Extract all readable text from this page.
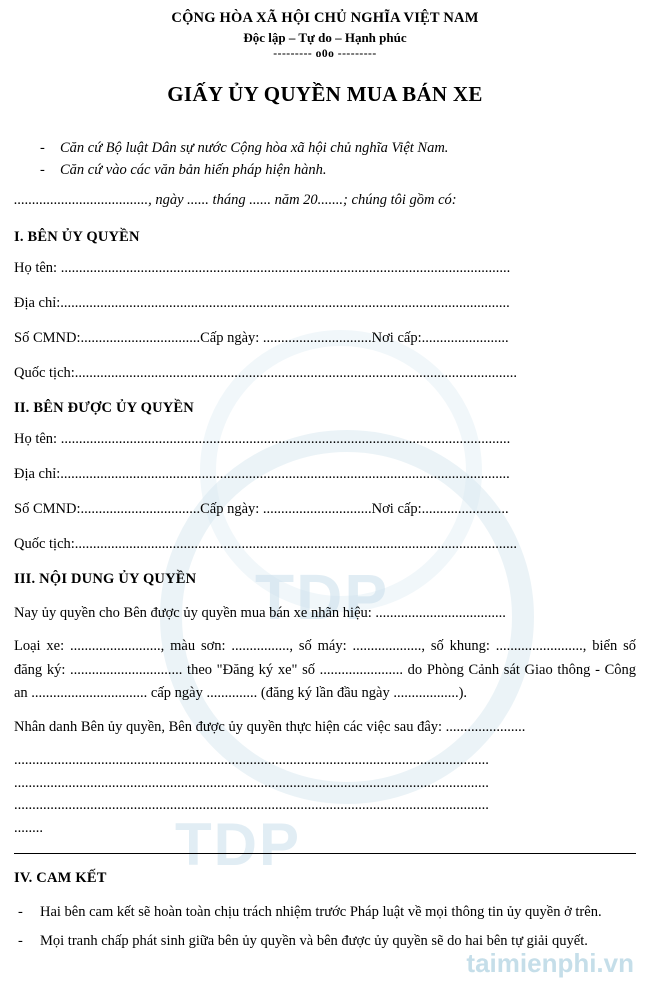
TDP
TDP
taimienphi.vn
CỘNG HÒA XÃ HỘI CHỦ NGHĨA VIỆT NAM
Độc lập – Tự do – Hạnh phúc
--------- o0o ---------
GIẤY ỦY QUYỀN MUA BÁN XE
- Căn cứ Bộ luật Dân sự nước Cộng hòa xã hội chủ nghĩa Việt Nam.
- Căn cứ vào các văn bản hiến pháp hiện hành.
....................................., ngày ...... tháng ...... năm 20.......; chúng tôi gồm có:
I. BÊN ỦY QUYỀN
Họ tên: ............................................................................................................................
Địa chỉ:............................................................................................................................
Số CMND:.................................Cấp ngày: ..............................Nơi cấp:........................
Quốc tịch:..........................................................................................................................
II. BÊN ĐƯỢC ỦY QUYỀN
Họ tên: ............................................................................................................................
Địa chỉ:............................................................................................................................
Số CMND:.................................Cấp ngày: ..............................Nơi cấp:........................
Quốc tịch:..........................................................................................................................
III. NỘI DUNG ỦY QUYỀN
Nay ủy quyền cho Bên được ủy quyền mua bán xe nhãn hiệu: ....................................
Loại xe: ........................., màu sơn: ................, số máy: ..................., số khung: ........................, biển số đăng ký: ............................... theo "Đăng ký xe" số ....................... do Phòng Cảnh sát Giao thông - Công an ................................ cấp ngày .............. (đăng ký lần đầu ngày ..................).
Nhân danh Bên ủy quyền, Bên được ủy quyền thực hiện các việc sau đây: ......................
...................................................................................................................................
...................................................................................................................................
...................................................................................................................................
........
IV. CAM KẾT
- Hai bên cam kết sẽ hoàn toàn chịu trách nhiệm trước Pháp luật về mọi thông tin ủy quyền ở trên.
- Mọi tranh chấp phát sinh giữa bên ủy quyền và bên được ủy quyền sẽ do hai bên tự giải quyết.
